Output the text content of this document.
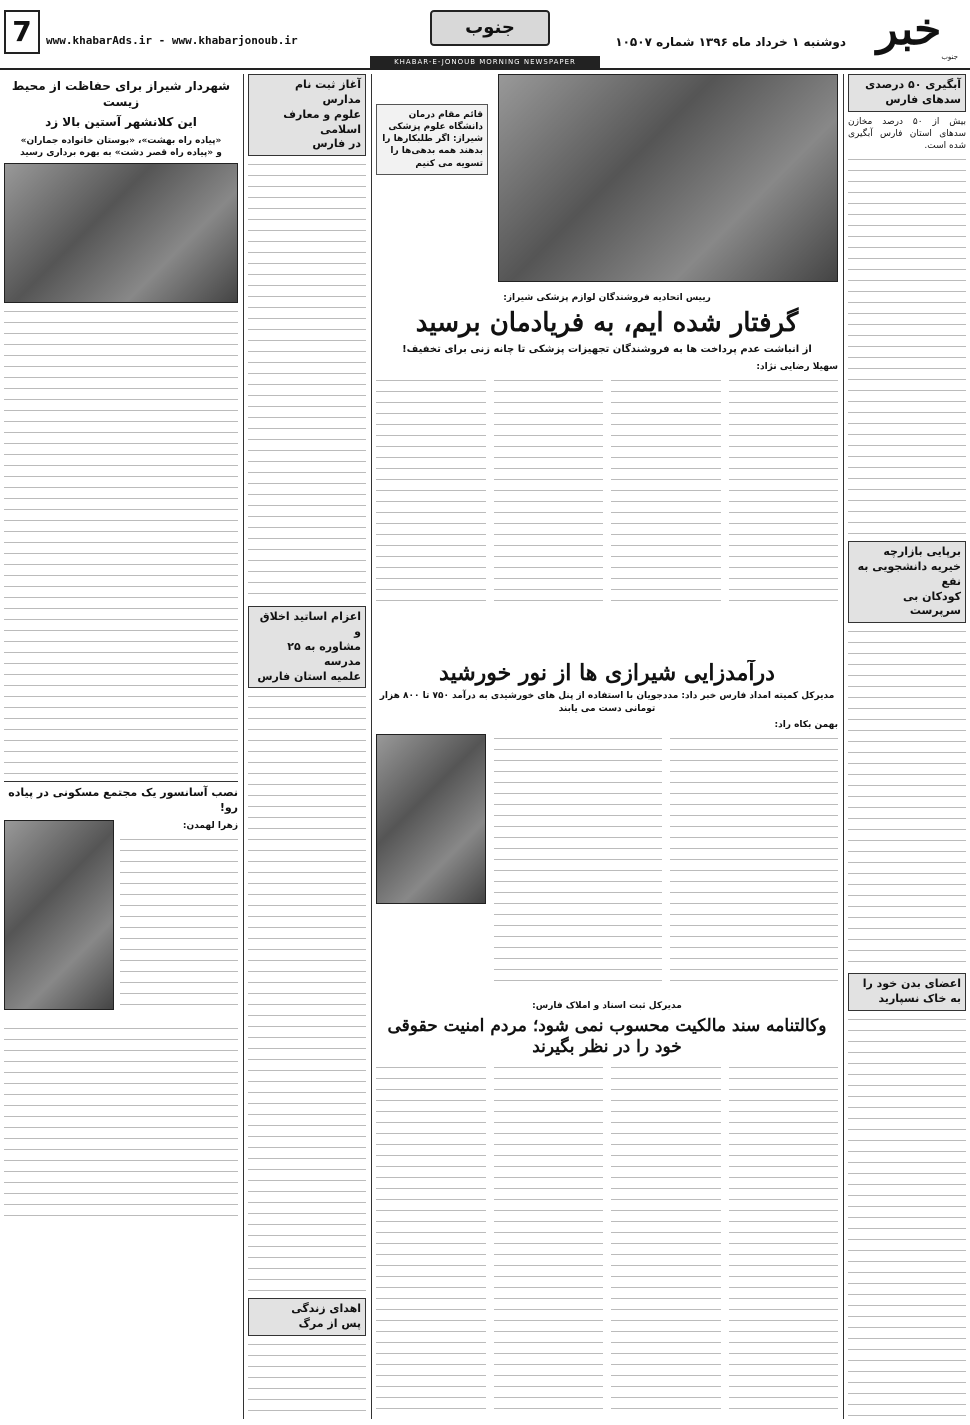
خبر
جنوب
دوشنبه ۱ خرداد ماه ۱۳۹۶ شماره ۱۰۵۰۷
جنوب
www.khabarAds.ir - www.khabarjonoub.ir
7
KHABAR-E-JONOUB MORNING NEWSPAPER
آبگیری ۵۰ درصدی
سدهای فارس
بیش از ۵۰ درصد مخازن سدهای استان فارس آبگیری شده است.
برپایی بازارچه خیریه دانشجویی به نفع
کودکان بی سرپرست
اعضای بدن خود را
به خاک نسپارید
قائم مقام درمان دانشگاه علوم پزشکی شیراز: اگر طلبکارها را بدهند همه بدهی‌ها را تسویه می کنیم
رییس اتحادیه فروشندگان لوازم پزشکی شیراز:
گرفتار شده ایم، به فریادمان برسید
از انباشت عدم پرداخت ها به فروشندگان تجهیزات پزشکی تا چانه زنی برای تخفیف!
سهیلا رضایی نژاد:
درآمدزایی شیرازی ها از نور خورشید
مدیرکل کمیته امداد فارس خبر داد: مددجویان با استفاده از پنل های خورشیدی به درآمد ۷۵۰ تا ۸۰۰ هزار تومانی دست می یابند
بهمن بکاه راد:
مدیرکل ثبت اسناد و املاک فارس:
وکالتنامه سند مالکیت محسوب نمی شود؛ مردم امنیت حقوقی خود را در نظر بگیرند
آغاز ثبت نام مدارس
علوم و معارف اسلامی
در فارس
اعزام اساتید اخلاق و
مشاوره به ۲۵ مدرسه
علمیه استان فارس
اهدای زندگی
پس از مرگ
شهردار شیراز برای حفاظت از محیط زیست
این کلانشهر آستین بالا زد
«پیاده راه بهشت»، «بوستان خانواده جماران»
و «پیاده راه قصر دشت» به بهره برداری رسید
نصب آسانسور یک مجتمع مسکونی در پیاده رو!
زهرا لهمدن:
